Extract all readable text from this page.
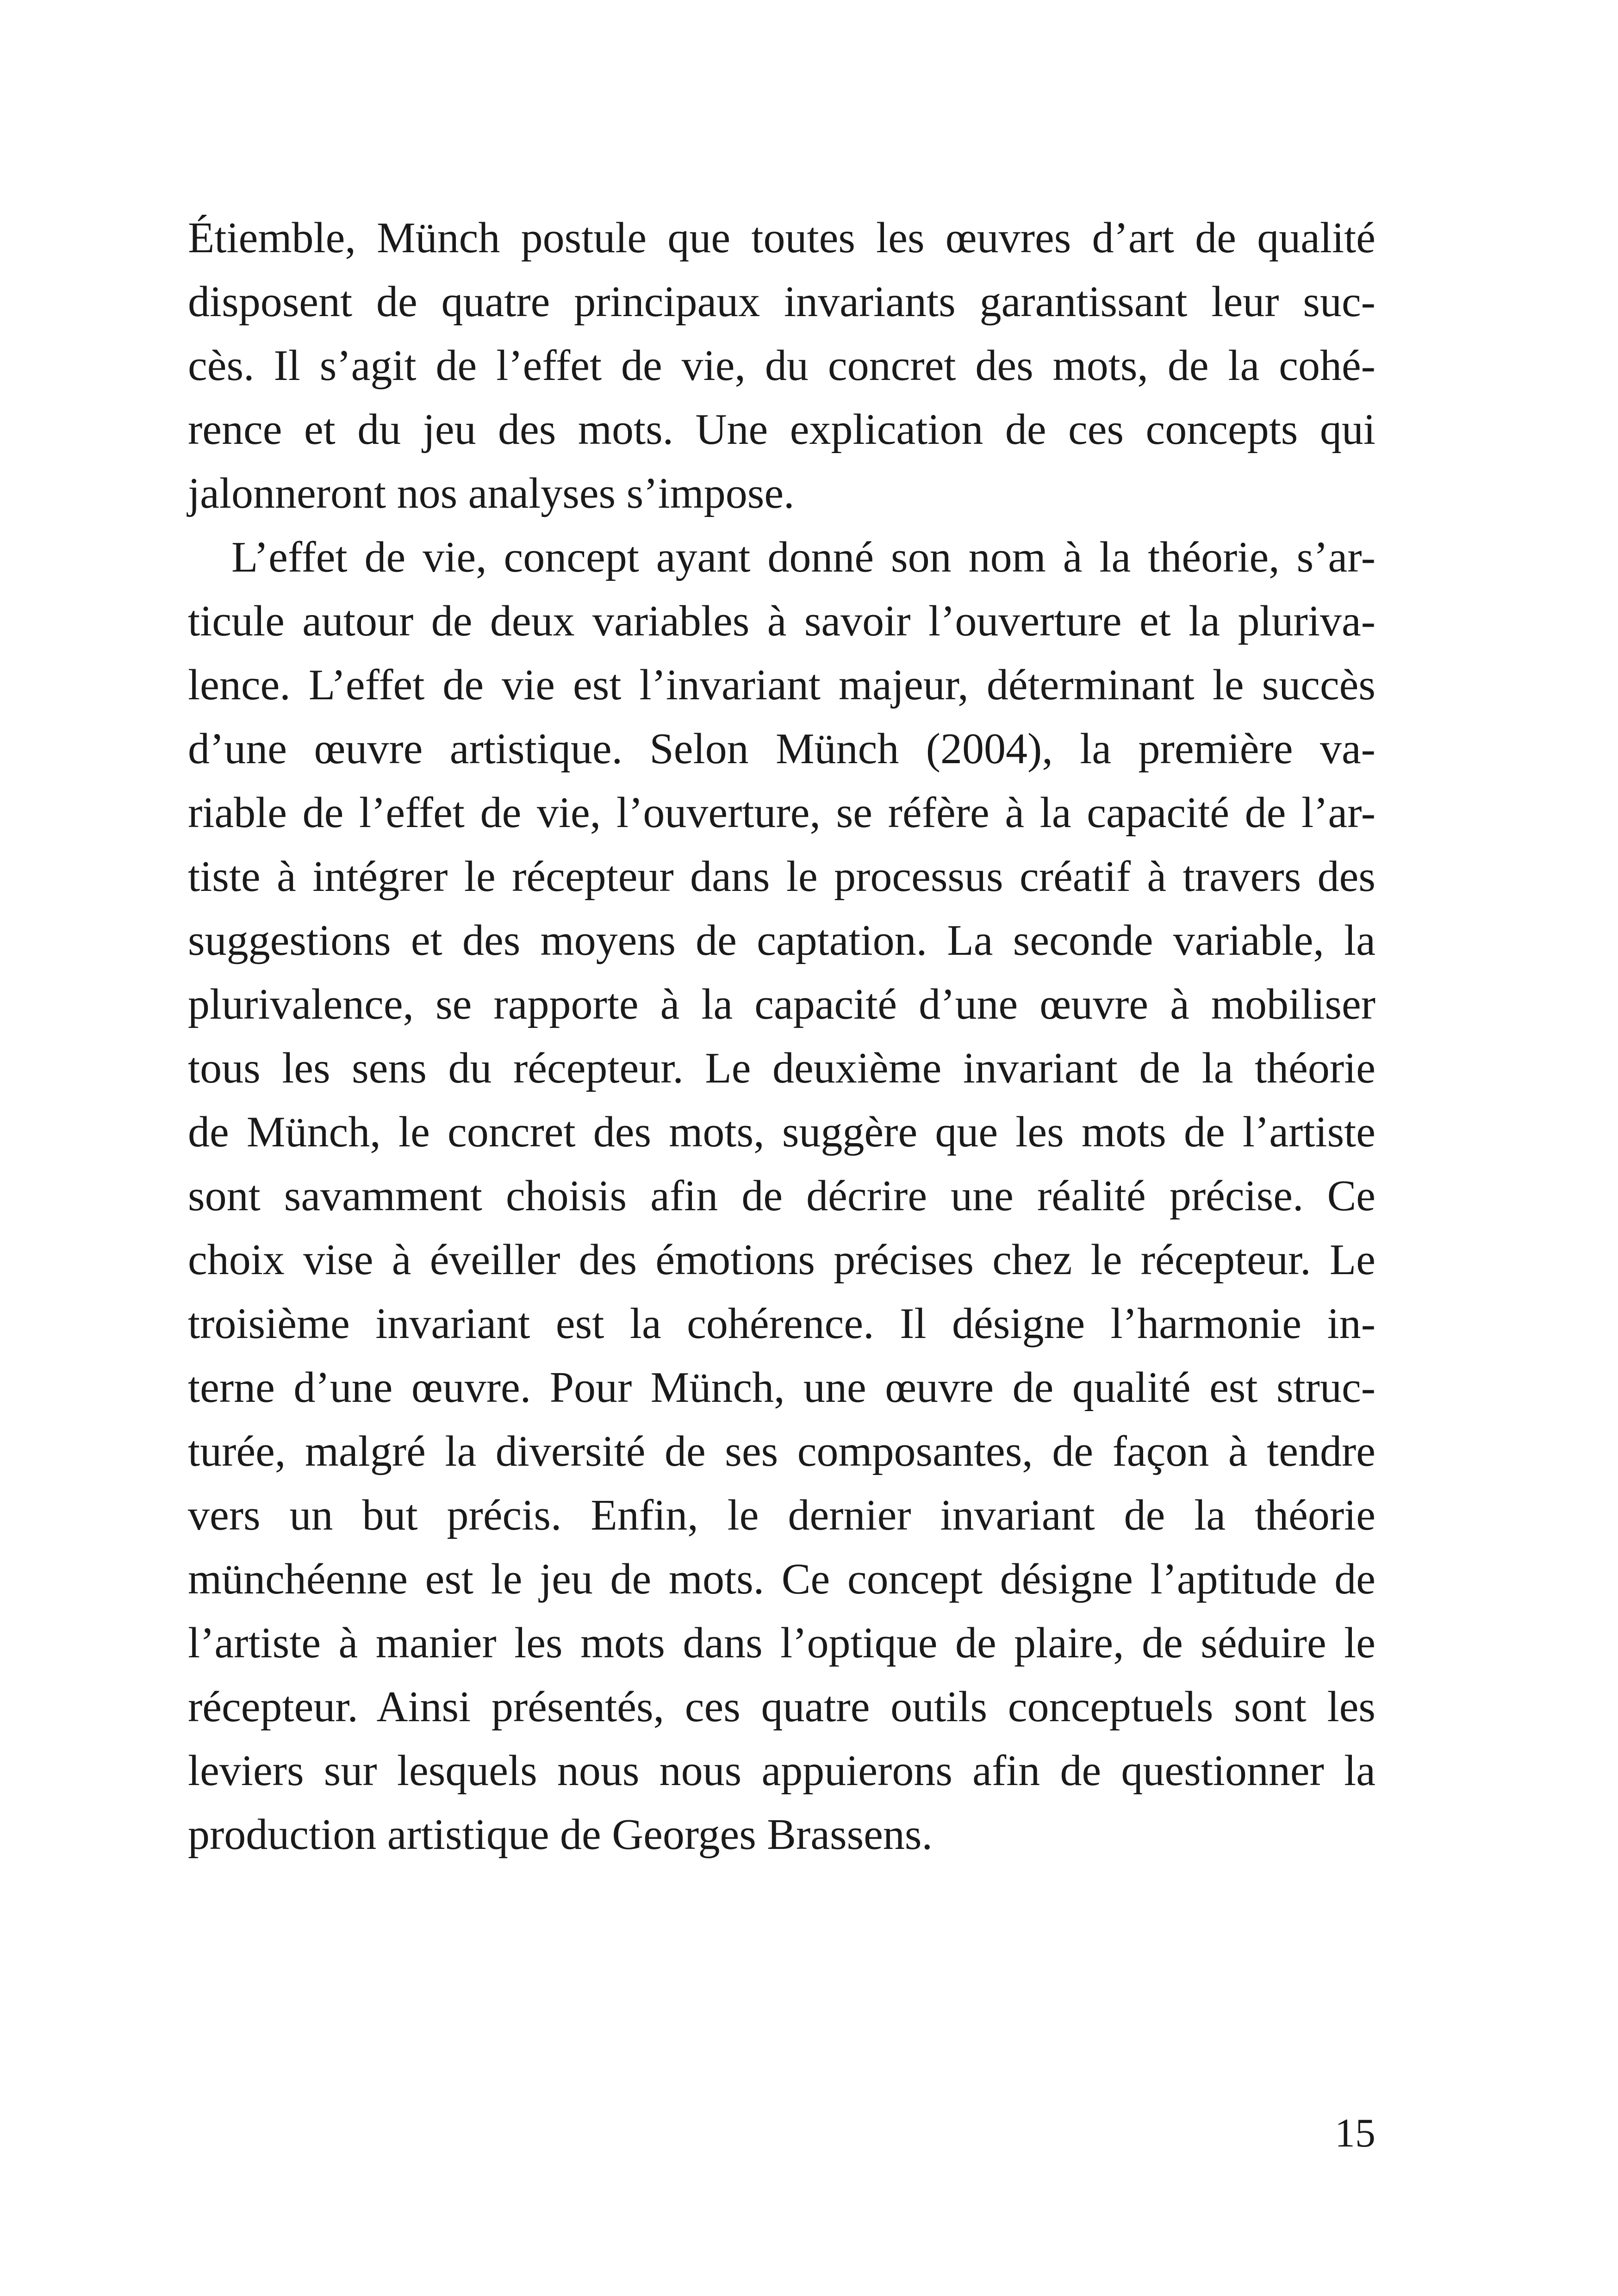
Étiemble, Münch postule que toutes les œuvres d’art de qualité
disposent de quatre principaux invariants garantissant leur suc-
cès. Il s’agit de l’effet de vie, du concret des mots, de la cohé-
rence et du jeu des mots. Une explication de ces concepts qui
jalonneront nos analyses s’impose.
L’effet de vie, concept ayant donné son nom à la théorie, s’ar-
ticule autour de deux variables à savoir l’ouverture et la pluriva-
lence. L’effet de vie est l’invariant majeur, déterminant le succès
d’une œuvre artistique. Selon Münch (2004), la première va-
riable de l’effet de vie, l’ouverture, se réfère à la capacité de l’ar-
tiste à intégrer le récepteur dans le processus créatif à travers des
suggestions et des moyens de captation. La seconde variable, la
plurivalence, se rapporte à la capacité d’une œuvre à mobiliser
tous les sens du récepteur. Le deuxième invariant de la théorie
de Münch, le concret des mots, suggère que les mots de l’artiste
sont savamment choisis afin de décrire une réalité précise. Ce
choix vise à éveiller des émotions précises chez le récepteur. Le
troisième invariant est la cohérence. Il désigne l’harmonie in-
terne d’une œuvre. Pour Münch, une œuvre de qualité est struc-
turée, malgré la diversité de ses composantes, de façon à tendre
vers un but précis. Enfin, le dernier invariant de la théorie
münchéenne est le jeu de mots. Ce concept désigne l’aptitude de
l’artiste à manier les mots dans l’optique de plaire, de séduire le
récepteur. Ainsi présentés, ces quatre outils conceptuels sont les
leviers sur lesquels nous nous appuierons afin de questionner la
production artistique de Georges Brassens.
15
